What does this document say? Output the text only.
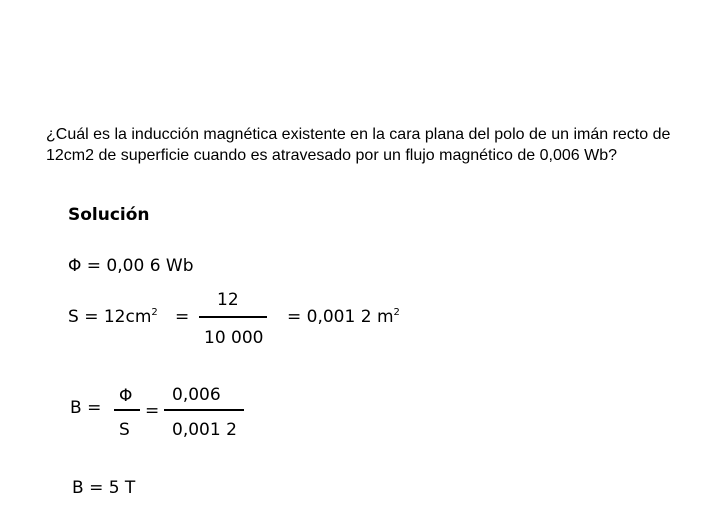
¿Cuál es la inducción magnética existente en la cara plana del polo de un imán recto de 12cm2 de superficie cuando es atravesado por un flujo magnético de 0,006 Wb?

Solución
Φ = 0,00 6 Wb
$S = 12cm^2$ =
12
10 000
= 0,001 2 $m^2$
B =
Φ
S
=
0,006
0,001 2
B = 5 T
